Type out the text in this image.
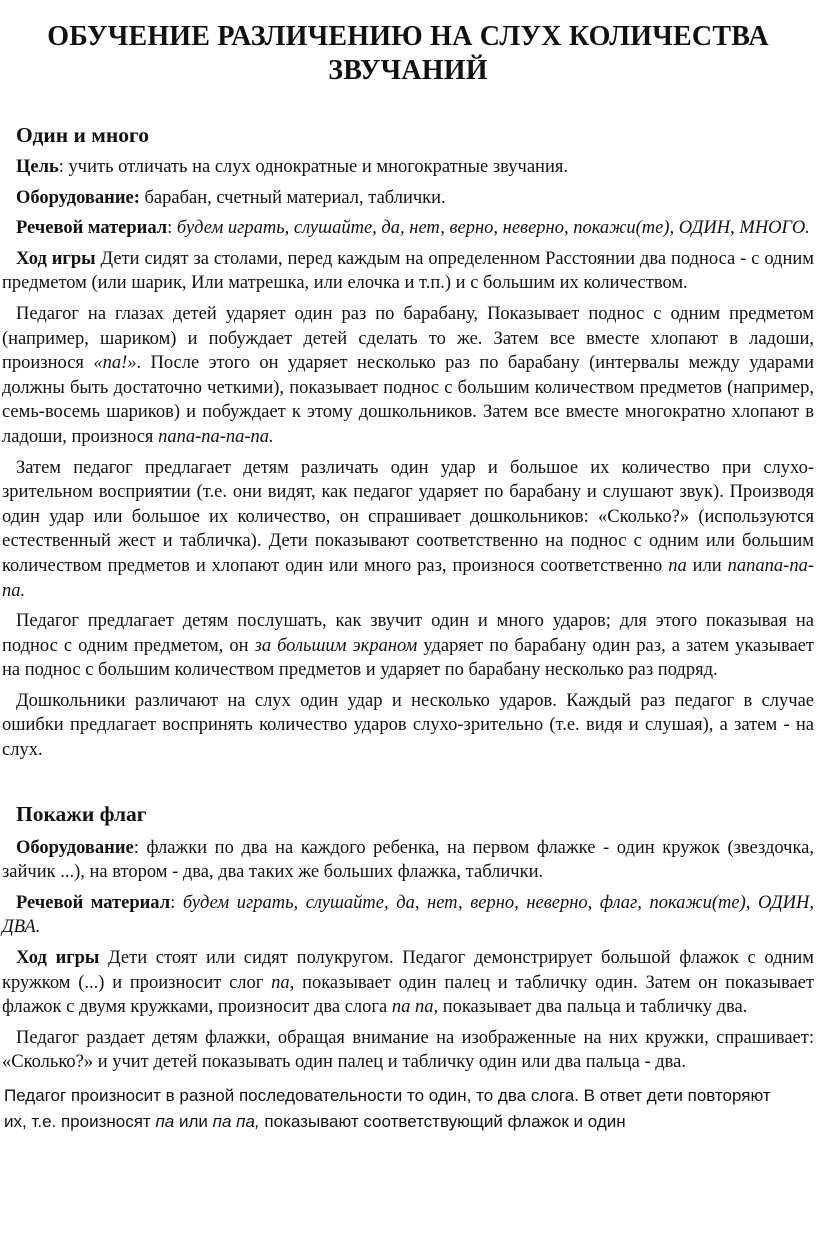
ОБУЧЕНИЕ РАЗЛИЧЕНИЮ НА СЛУХ КОЛИЧЕСТВА ЗВУЧАНИЙ
Один и много

Цель: учить отличать на слух однократные и многократные звучания.

Оборудование: барабан, счетный материал, таблички.

Речевой материал: будем играть, слушайте, да, нет, верно, неверно, покажи(те), ОДИН, МНОГО.

Ход игры Дети сидят за столами, перед каждым на определенном Расстоянии два подноса - с одним предметом (или шарик, Или матрешка, или елочка и т.п.) и с большим их количеством.

Педагог на глазах детей ударяет один раз по барабану, Показывает поднос с одним предметом (например, шариком) и побуждает детей сделать то же. Затем все вместе хлопают в ладоши, произнося «па!». После этого он ударяет несколько раз по барабану (интервалы между ударами должны быть достаточно четкими), показывает поднос с большим количеством предметов (например, семь-восемь шариков) и побуждает к этому дошкольников. Затем все вместе многократно хлопают в ладоши, произнося папа-па-па-па.

Затем педагог предлагает детям различать один удар и большое их количество при слухо-зрительном восприятии (т.е. они видят, как педагог ударяет по барабану и слушают звук). Производя один удар или большое их количество, он спрашивает дошкольников: «Сколько?» (используются естественный жест и табличка). Дети показывают соответственно на поднос с одним или большим количеством предметов и хлопают один или много раз, произнося соответственно па или папапа-па-па.

Педагог предлагает детям послушать, как звучит один и много ударов; для этого показывая на поднос с одним предметом, он за большим экраном ударяет по барабану один раз, а затем указывает на поднос с большим количеством предметов и ударяет по барабану несколько раз подряд.

Дошкольники различают на слух один удар и несколько ударов. Каждый раз педагог в случае ошибки предлагает воспринять количество ударов слухо-зрительно (т.е. видя и слушая), а затем - на слух.

Покажи флаг

Оборудование: флажки по два на каждого ребенка, на первом флажке - один кружок (звездочка, зайчик ...), на втором - два, два таких же больших флажка, таблички.

Речевой материал: будем играть, слушайте, да, нет, верно, неверно, флаг, покажи(те), ОДИН, ДВА.

Ход игры Дети стоят или сидят полукругом. Педагог демонстрирует большой флажок с одним кружком (...) и произносит слог па, показывает один палец и табличку один. Затем он показывает флажок с двумя кружками, произносит два слога па па, показывает два пальца и табличку два.

Педагог раздает детям флажки, обращая внимание на изображенные на них кружки, спрашивает: «Сколько?» и учит детей показывать один палец и табличку один или два пальца - два.

Педагог произносит в разной последовательности то один, то два слога. В ответ дети повторяют
их, т.е. произносят па или па па, показывают соответствующий флажок и один
